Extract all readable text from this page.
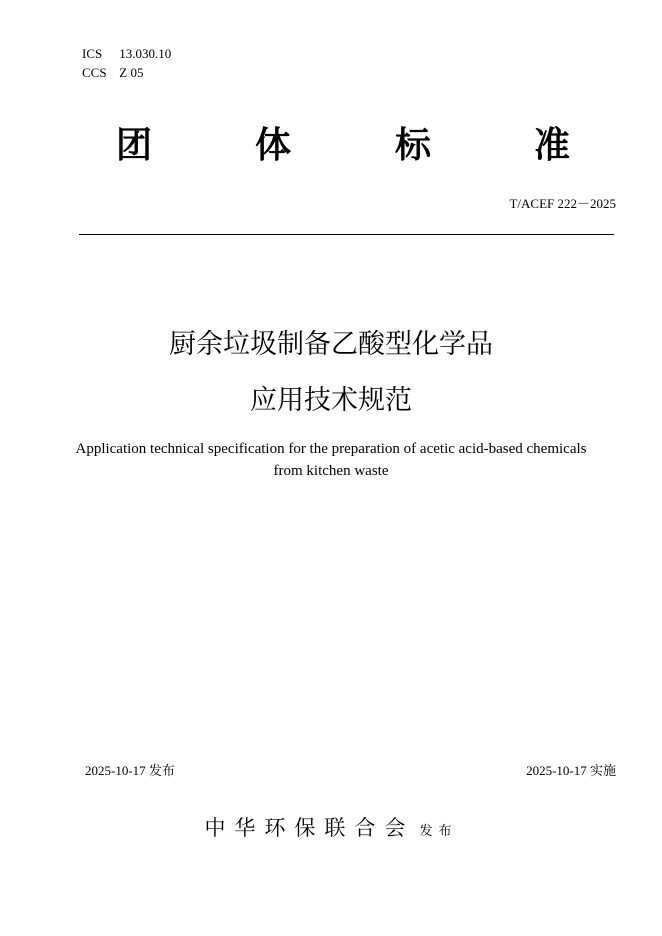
ICS 13.030.10
CCS Z 05
团	体	标	准
T/ACEF 222－2025
厨余垃圾制备乙酸型化学品
应用技术规范
Application technical specification for the preparation of acetic acid-based chemicals
from kitchen waste
2025-10-17 发布	2025-10-17 实施
中华环保联合会 发布
